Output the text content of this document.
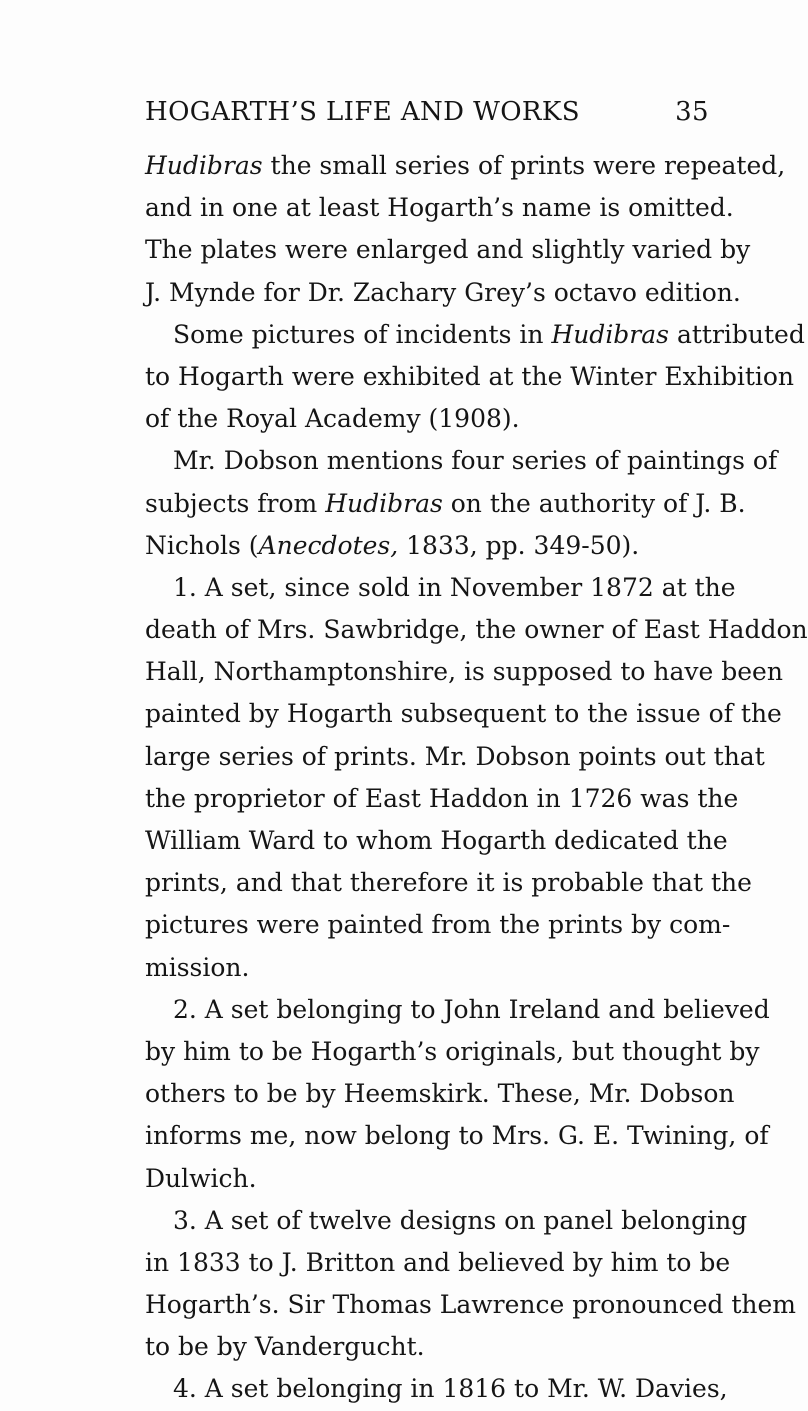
HOGARTH’S LIFE AND WORKS	35
Hudibras the small series of prints were repeated,
and in one at least Hogarth’s name is omitted.
The plates were enlarged and slightly varied by
J. Mynde for Dr. Zachary Grey’s octavo edition.
Some pictures of incidents in Hudibras attributed
to Hogarth were exhibited at the Winter Exhibition
of the Royal Academy (1908).
Mr. Dobson mentions four series of paintings of
subjects from Hudibras on the authority of J. B.
Nichols (Anecdotes, 1833, pp. 349-50).
1. A set, since sold in November 1872 at the
death of Mrs. Sawbridge, the owner of East Haddon
Hall, Northamptonshire, is supposed to have been
painted by Hogarth subsequent to the issue of the
large series of prints. Mr. Dobson points out that
the proprietor of East Haddon in 1726 was the
William Ward to whom Hogarth dedicated the
prints, and that therefore it is probable that the
pictures were painted from the prints by com-
mission.
2. A set belonging to John Ireland and believed
by him to be Hogarth’s originals, but thought by
others to be by Heemskirk. These, Mr. Dobson
informs me, now belong to Mrs. G. E. Twining, of
Dulwich.
3. A set of twelve designs on panel belonging
in 1833 to J. Britton and believed by him to be
Hogarth’s. Sir Thomas Lawrence pronounced them
to be by Vandergucht.
4. A set belonging in 1816 to Mr. W. Davies,
